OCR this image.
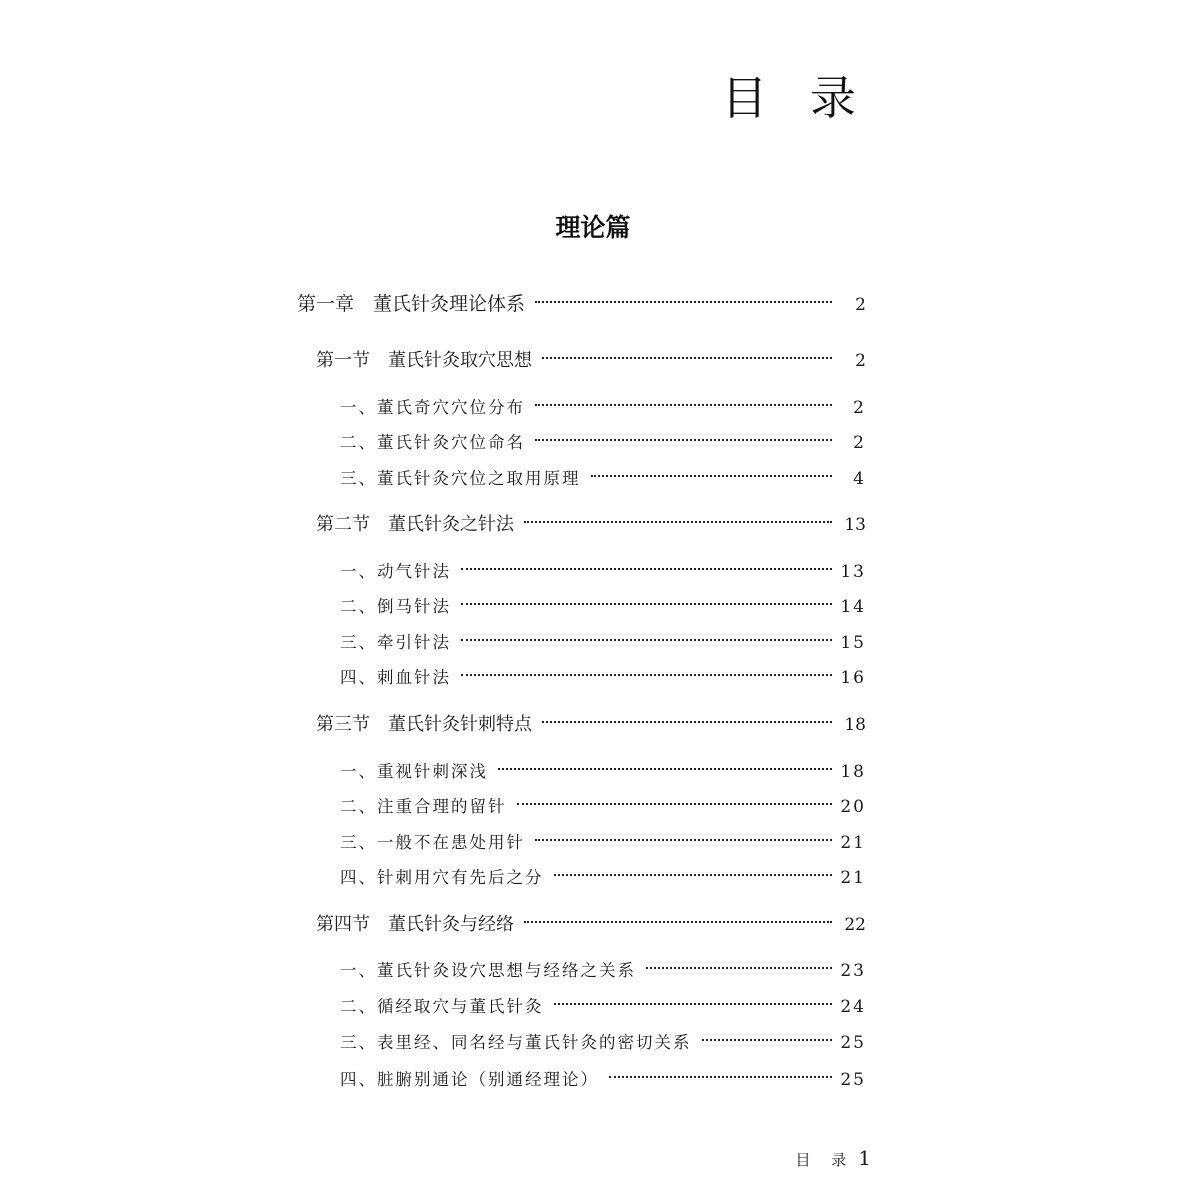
目 录
理论篇
第一章　董氏针灸理论体系	2
第一节　董氏针灸取穴思想	2
一、董氏奇穴穴位分布	2
二、董氏针灸穴位命名	2
三、董氏针灸穴位之取用原理	4
第二节　董氏针灸之针法	13
一、动气针法	13
二、倒马针法	14
三、牵引针法	15
四、刺血针法	16
第三节　董氏针灸针刺特点	18
一、重视针刺深浅	18
二、注重合理的留针	20
三、一般不在患处用针	21
四、针刺用穴有先后之分	21
第四节　董氏针灸与经络	22
一、董氏针灸设穴思想与经络之关系	23
二、循经取穴与董氏针灸	24
三、表里经、同名经与董氏针灸的密切关系	25
四、脏腑别通论（别通经理论）	25
目 录 1
